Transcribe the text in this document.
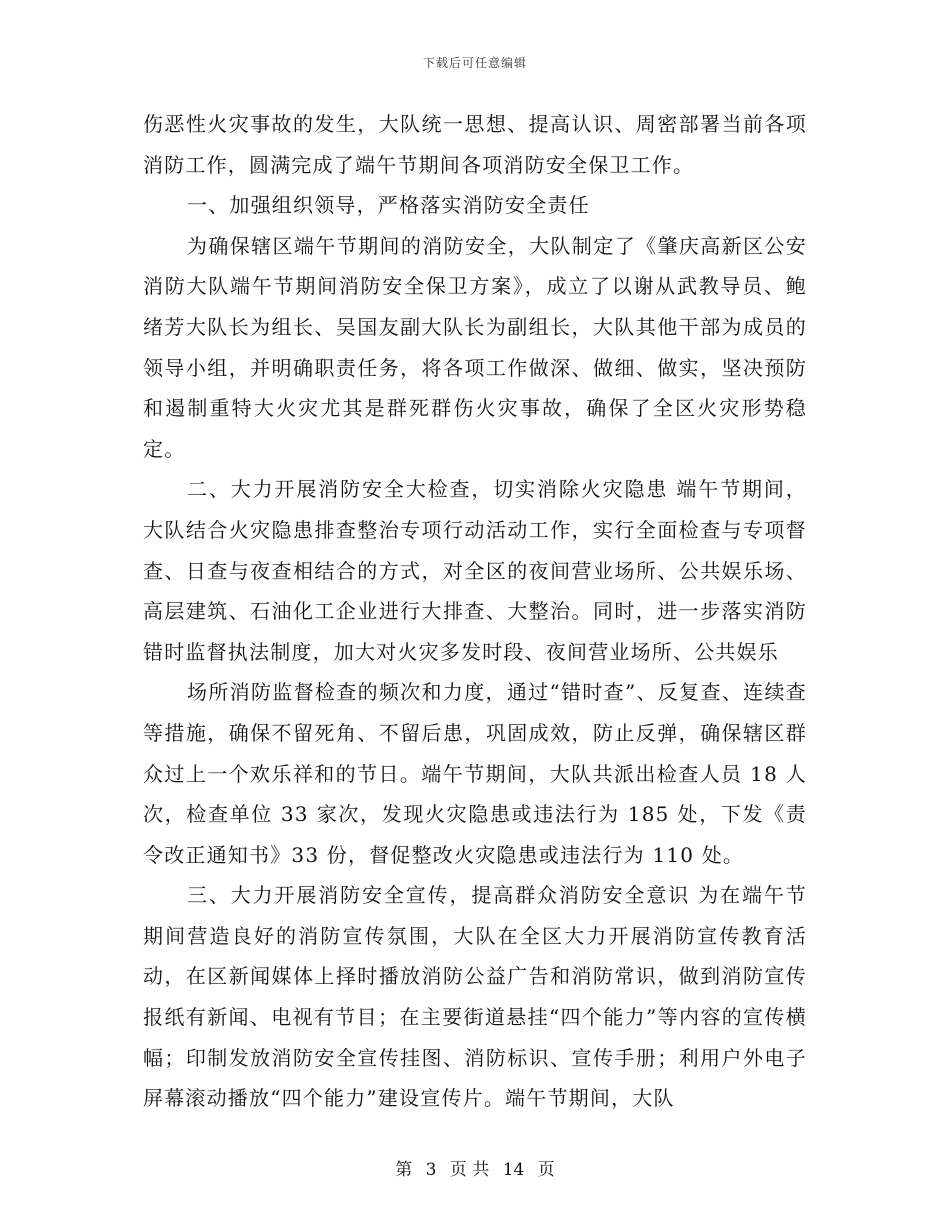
下载后可任意编辑

伤恶性火灾事故的发生，大队统一思想、提高认识、周密部署当前各项消防工作，圆满完成了端午节期间各项消防安全保卫工作。

一、加强组织领导，严格落实消防安全责任

为确保辖区端午节期间的消防安全，大队制定了《肇庆高新区公安消防大队端午节期间消防安全保卫方案》，成立了以谢从武教导员、鲍绪芳大队长为组长、吴国友副大队长为副组长，大队其他干部为成员的领导小组，并明确职责任务，将各项工作做深、做细、做实，坚决预防和遏制重特大火灾尤其是群死群伤火灾事故，确保了全区火灾形势稳定。

二、大力开展消防安全大检查，切实消除火灾隐患 端午节期间，大队结合火灾隐患排查整治专项行动活动工作，实行全面检查与专项督查、日查与夜查相结合的方式，对全区的夜间营业场所、公共娱乐场、高层建筑、石油化工企业进行大排查、大整治。同时，进一步落实消防错时监督执法制度，加大对火灾多发时段、夜间营业场所、公共娱乐

场所消防监督检查的频次和力度，通过“错时查”、反复查、连续查等措施，确保不留死角、不留后患，巩固成效，防止反弹，确保辖区群众过上一个欢乐祥和的节日。端午节期间，大队共派出检查人员 18 人次，检查单位 33 家次，发现火灾隐患或违法行为 185 处，下发《责令改正通知书》33 份，督促整改火灾隐患或违法行为 110 处。

三、大力开展消防安全宣传，提高群众消防安全意识 为在端午节期间营造良好的消防宣传氛围，大队在全区大力开展消防宣传教育活动，在区新闻媒体上择时播放消防公益广告和消防常识，做到消防宣传报纸有新闻、电视有节目；在主要街道悬挂“四个能力”等内容的宣传横幅；印制发放消防安全宣传挂图、消防标识、宣传手册；利用户外电子屏幕滚动播放“四个能力”建设宣传片。端午节期间，大队

第 3 页 共 14 页
